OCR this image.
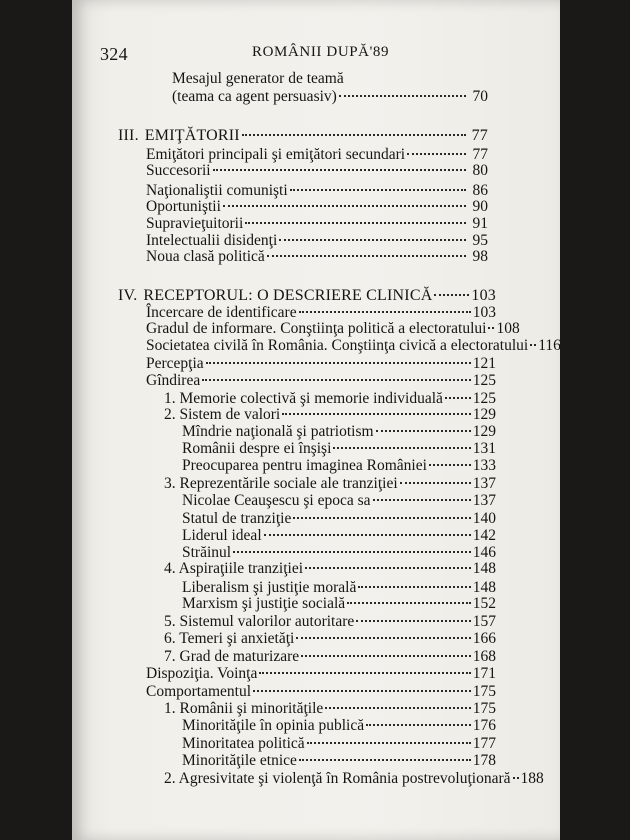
324	ROMÂNII DUPĂ'89
Mesajul generator de teamă
(teama ca agent persuasiv)	70
III. EMIŢĂTORII	77
Emiţători principali şi emiţători secundari	77
Succesorii	80
Naţionaliştii comunişti	86
Oportuniştii	90
Supravieţuitorii	91
Intelectualii disidenţi	95
Noua clasă politică	98
IV. RECEPTORUL: O DESCRIERE CLINICĂ 103
Încercare de identificare	103
Gradul de informare. Conştiinţa politică a electoratului 108
Societatea civilă în România. Conştiinţa civică a electoratului 116
Percepţia	121
Gîndirea	125
1. Memorie colectivă şi memorie individuală 125
2. Sistem de valori	129
Mîndrie naţională şi patriotism	129
Românii despre ei înşişi	131
Preocuparea pentru imaginea României	133
3. Reprezentările sociale ale tranziţiei	137
Nicolae Ceauşescu şi epoca sa	137
Statul de tranziţie	140
Liderul ideal	142
Străinul	146
4. Aspiraţiile tranziţiei	148
Liberalism şi justiţie morală	148
Marxism şi justiţie socială	152
5. Sistemul valorilor autoritare	157
6. Temeri şi anxietăţi	166
7. Grad de maturizare	168
Dispoziţia. Voinţa	171
Comportamentul	175
1. Românii şi minorităţile	175
Minorităţile în opinia publică	176
Minoritatea politică	177
Minorităţile etnice	178
2. Agresivitate şi violenţă în România postrevoluţionară 188
